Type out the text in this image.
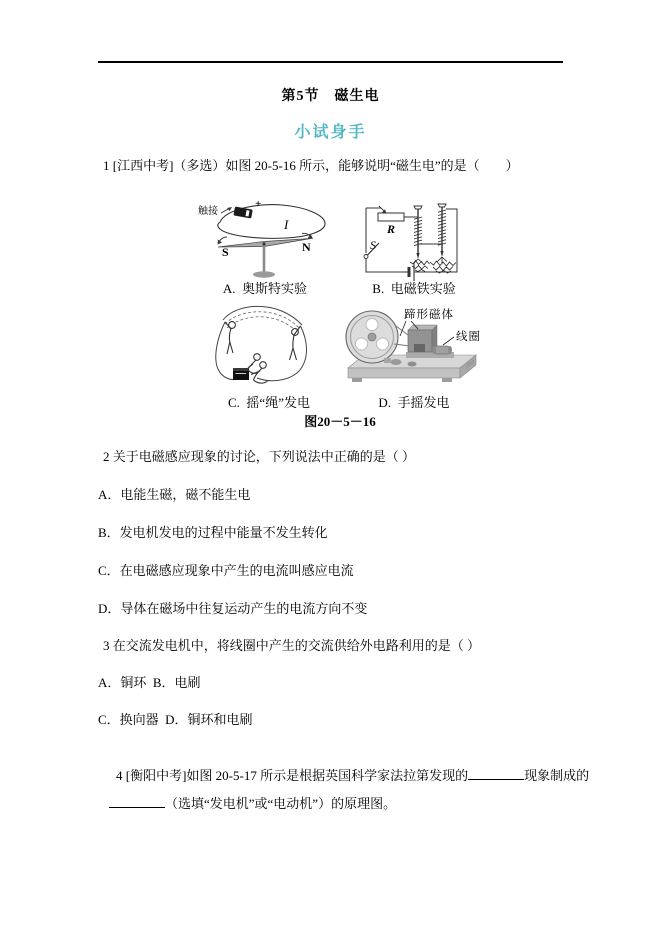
第5节　磁生电
小试身手
1 [江西中考]（多选）如图 20-5-16 所示，能够说明“磁生电”的是（　　）
+
触接
I
S	N
R
S
A.  奥斯特实验	B.  电磁铁实验
蹄形磁体
线圈
C.  摇“绳”发电	D.  手摇发电
图20－5－16
2 关于电磁感应现象的讨论，下列说法中正确的是（ ）
A．电能生磁，磁不能生电
B．发电机发电的过程中能量不发生转化
C．在电磁感应现象中产生的电流叫感应电流
D．导体在磁场中往复运动产生的电流方向不变
3 在交流发电机中，将线圈中产生的交流供给外电路利用的是（ ）
A．铜环  B．电刷
C．换向器  D．铜环和电刷

4 [衡阳中考]如图 20-5-17 所示是根据英国科学家法拉第发现的	现象制成的

（选填“发电机”或“电动机”）的原理图。
